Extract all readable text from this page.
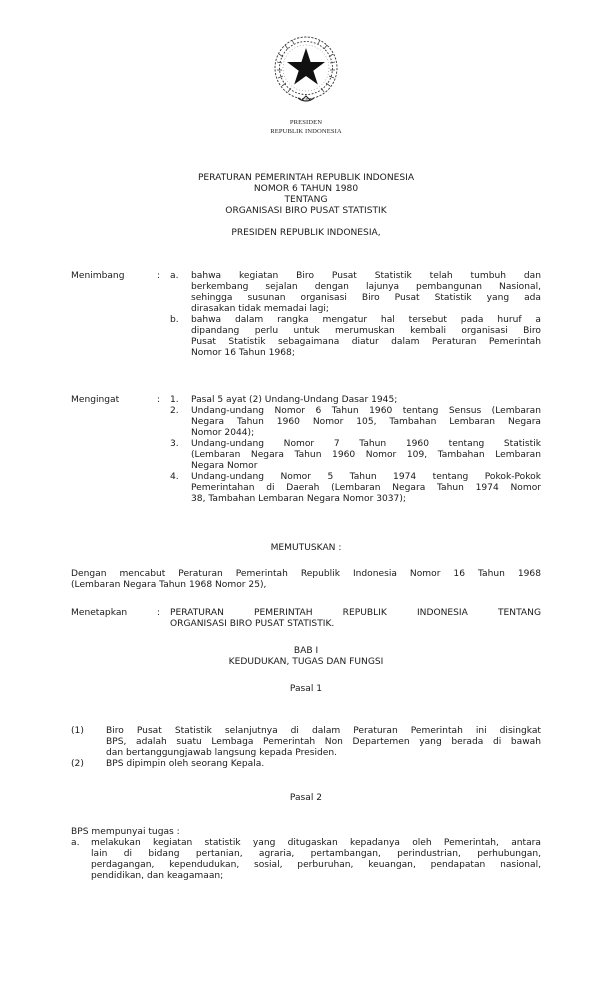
PRESIDEN
REPUBLIK INDONESIA
PERATURAN PEMERINTAH REPUBLIK INDONESIA
NOMOR 6 TAHUN 1980
TENTANG
ORGANISASI BIRO PUSAT STATISTIK
PRESIDEN REPUBLIK INDONESIA,
Menimbang	: a. bahwa kegiatan Biro Pusat Statistik telah tumbuh dan
berkembang sejalan dengan lajunya pembangunan Nasional,
sehingga susunan organisasi Biro Pusat Statistik yang ada
dirasakan tidak memadai lagi;
b. bahwa dalam rangka mengatur hal tersebut pada huruf a
dipandang perlu untuk merumuskan kembali organisasi Biro
Pusat Statistik sebagaimana diatur dalam Peraturan Pemerintah
Nomor 16 Tahun 1968;
Mengingat	: 1. Pasal 5 ayat (2) Undang-Undang Dasar 1945;
2. Undang-undang Nomor 6 Tahun 1960 tentang Sensus (Lembaran
Negara Tahun 1960 Nomor 105, Tambahan Lembaran Negara
Nomor 2044);
3. Undang-undang Nomor 7 Tahun 1960 tentang Statistik
(Lembaran Negara Tahun 1960 Nomor 109, Tambahan Lembaran
Negara Nomor
4. Undang-undang Nomor 5 Tahun 1974 tentang Pokok-Pokok
Pemerintahan di Daerah (Lembaran Negara Tahun 1974 Nomor
38, Tambahan Lembaran Negara Nomor 3037);
MEMUTUSKAN :
Dengan mencabut Peraturan Pemerintah Republik Indonesia Nomor 16 Tahun 1968
(Lembaran Negara Tahun 1968 Nomor 25),
Menetapkan	: PERATURAN PEMERINTAH REPUBLIK INDONESIA TENTANG
ORGANISASI BIRO PUSAT STATISTIK.
BAB I
KEDUDUKAN, TUGAS DAN FUNGSI
Pasal 1
(1) Biro Pusat Statistik selanjutnya di dalam Peraturan Pemerintah ini disingkat
BPS, adalah suatu Lembaga Pemerintah Non Departemen yang berada di bawah
dan bertanggungjawab langsung kepada Presiden.
(2) BPS dipimpin oleh seorang Kepala.
Pasal 2
BPS mempunyai tugas :
a. melakukan kegiatan statistik yang ditugaskan kepadanya oleh Pemerintah, antara
lain di bidang pertanian, agraria, pertambangan, perindustrian, perhubungan,
perdagangan, kependudukan, sosial, perburuhan, keuangan, pendapatan nasional,
pendidikan, dan keagamaan;
